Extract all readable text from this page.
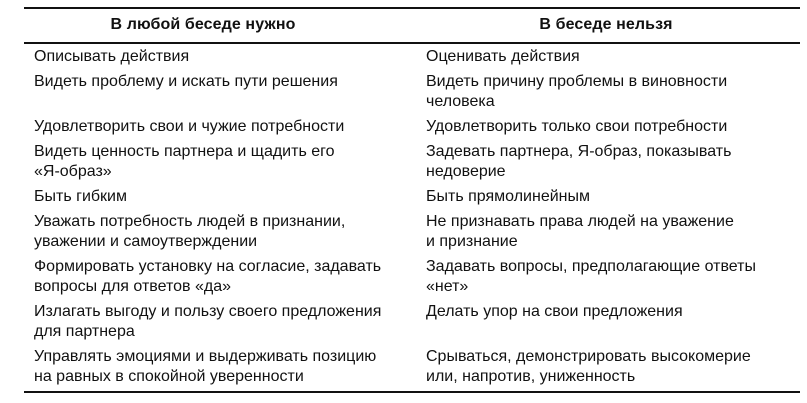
В любой беседе нужно	В беседе нельзя

Описывать действия	Оценивать действия

Видеть проблему и искать пути решения	Видеть причину проблемы в виновности
человека

Удовлетворить свои и чужие потребности	Удовлетворить только свои потребности

Видеть ценность партнера и щадить его
«Я-образ»	Задевать партнера, Я-образ, показывать
недоверие

Быть гибким	Быть прямолинейным

Уважать потребность людей в признании,
уважении и самоутверждении	Не признавать права людей на уважение
и признание

Формировать установку на согласие, задавать
вопросы для ответов «да»	Задавать вопросы, предполагающие ответы
«нет»

Излагать выгоду и пользу своего предложения
для партнера	Делать упор на свои предложения

Управлять эмоциями и выдерживать позицию
на равных в спокойной уверенности	Срываться, демонстрировать высокомерие
или, напротив, униженность
